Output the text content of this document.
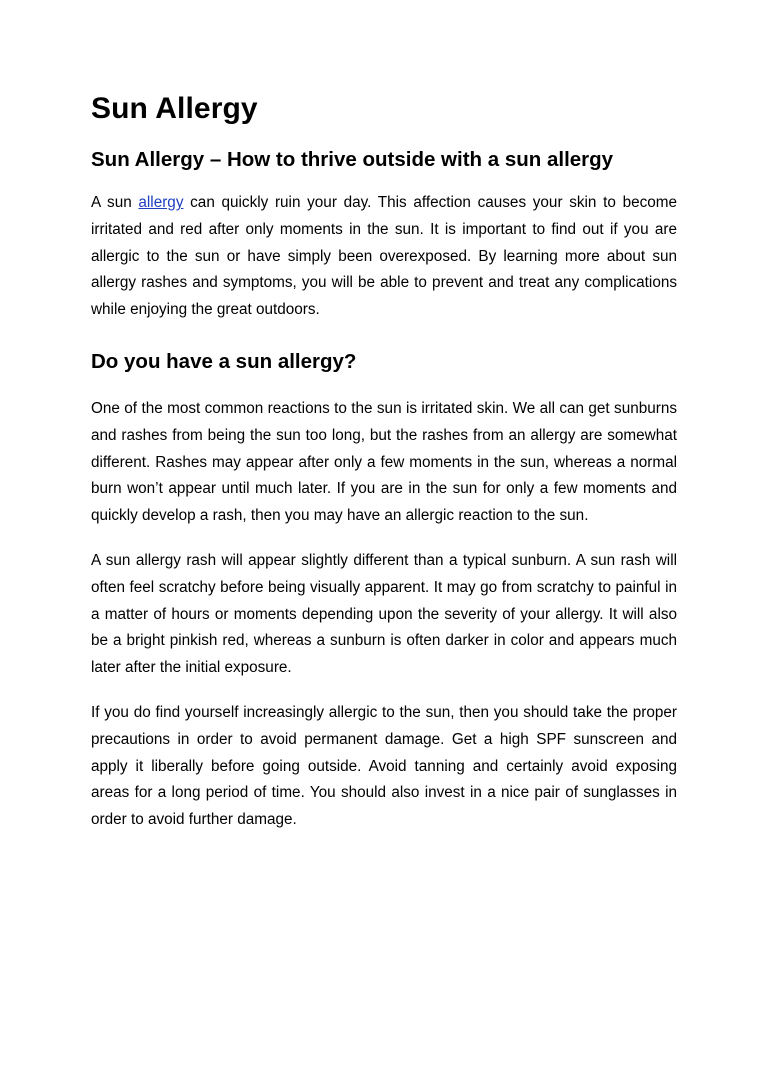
Sun Allergy
Sun Allergy – How to thrive outside with a sun allergy

A sun allergy can quickly ruin your day. This affection causes your skin to become irritated and red after only moments in the sun. It is important to find out if you are allergic to the sun or have simply been overexposed. By learning more about sun allergy rashes and symptoms, you will be able to prevent and treat any complications while enjoying the great outdoors.

Do you have a sun allergy?

One of the most common reactions to the sun is irritated skin. We all can get sunburns and rashes from being the sun too long, but the rashes from an allergy are somewhat different. Rashes may appear after only a few moments in the sun, whereas a normal burn won’t appear until much later. If you are in the sun for only a few moments and quickly develop a rash, then you may have an allergic reaction to the sun.

A sun allergy rash will appear slightly different than a typical sunburn. A sun rash will often feel scratchy before being visually apparent. It may go from scratchy to painful in a matter of hours or moments depending upon the severity of your allergy. It will also be a bright pinkish red, whereas a sunburn is often darker in color and appears much later after the initial exposure.

If you do find yourself increasingly allergic to the sun, then you should take the proper precautions in order to avoid permanent damage. Get a high SPF sunscreen and apply it liberally before going outside. Avoid tanning and certainly avoid exposing areas for a long period of time. You should also invest in a nice pair of sunglasses in order to avoid further damage.
